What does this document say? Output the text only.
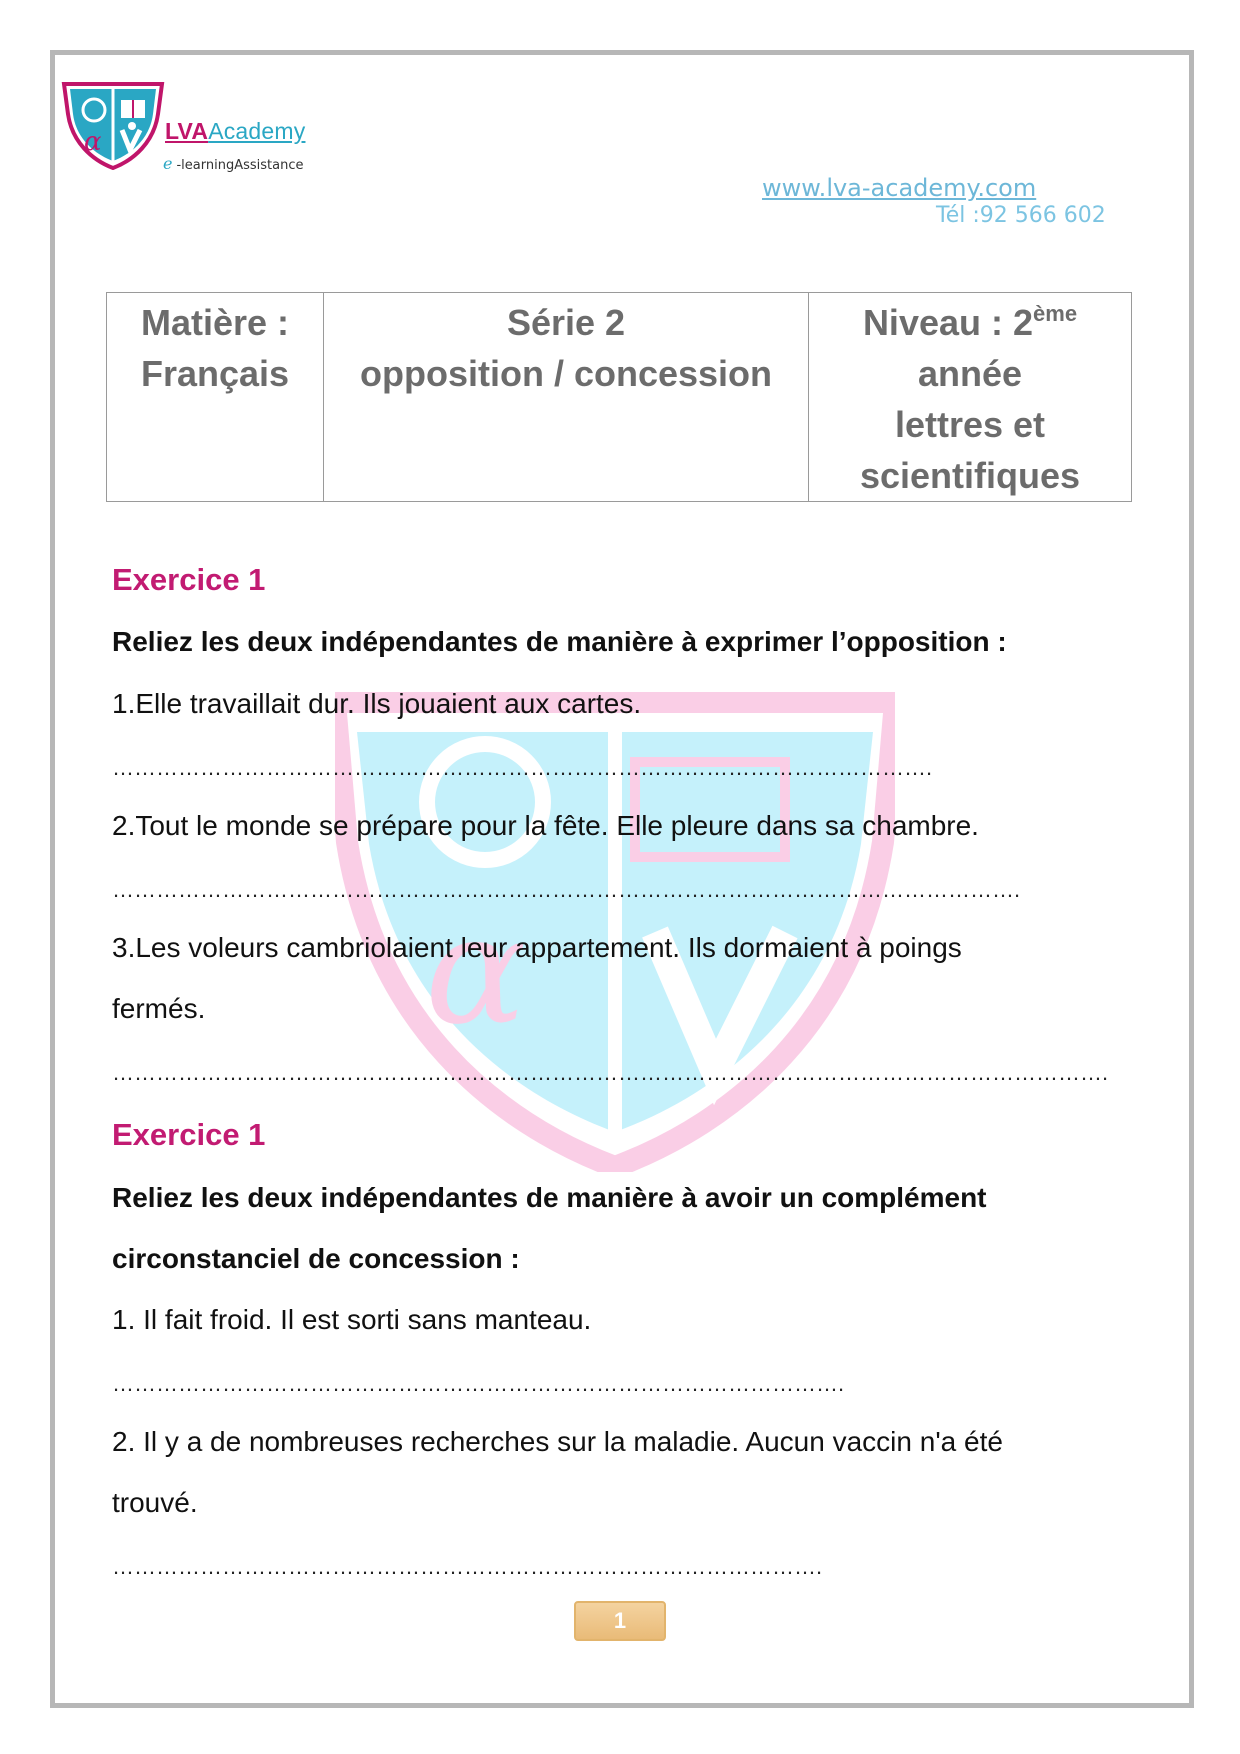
α	LVAAcademy
e -learningAssistance
www.lva-academy.com
Tél :92 566 602
Matière :
Français

Série 2
opposition / concession

Niveau : 2ème
année
lettres et
scientifiques
α
Exercice 1
Reliez les deux indépendantes de manière à exprimer l’opposition :
1.Elle travaillait dur. Ils jouaient aux cartes.
………………………………………………………………………………………………….
2.Tout le monde se prépare pour la fête. Elle pleure dans sa chambre.
…………………………………………………………………………………………………………….
3.Les voleurs cambriolaient leur appartement. Ils dormaient à poings
fermés.
……………………………………………………………………………………………………………………….
Exercice 1
Reliez les deux indépendantes de manière à avoir un complément
circonstanciel de concession :
1. Il fait froid. Il est sorti sans manteau.
……………………………………………………………………………………….
2. Il y a de nombreuses recherches sur la maladie. Aucun vaccin n'a été
trouvé.
…………………………………………………………………………………….
1
